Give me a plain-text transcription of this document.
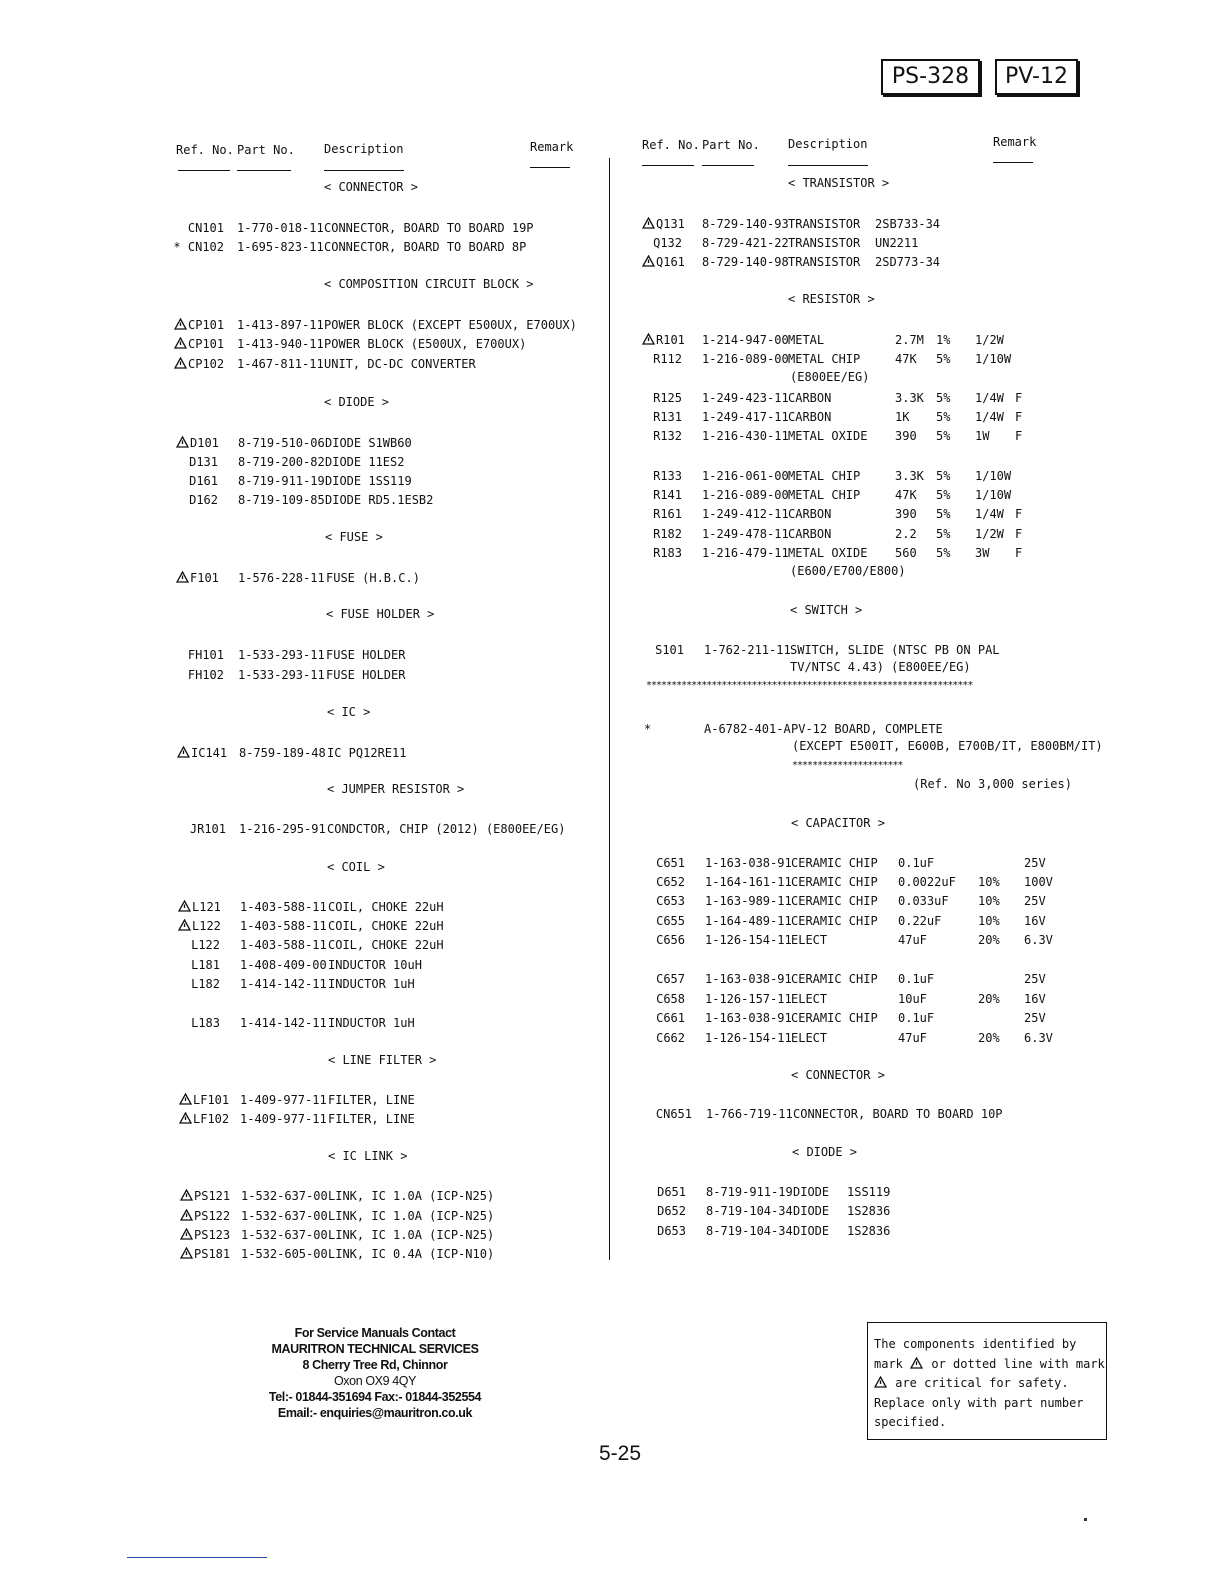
PS-328	PV-12
Ref. No. Part No. Description	Remark	Ref. No. Part No. Description	Remark
< CONNECTOR >
CN101 1-770-018-11 CONNECTOR, BOARD TO BOARD 19P
* CN102 1-695-823-11 CONNECTOR, BOARD TO BOARD 8P
< COMPOSITION CIRCUIT BLOCK >
CP101 1-413-897-11 POWER BLOCK (EXCEPT E500UX, E700UX)
CP101 1-413-940-11 POWER BLOCK (E500UX, E700UX)
CP102 1-467-811-11 UNIT, DC-DC CONVERTER
< DIODE >
D101 8-719-510-06 DIODE S1WB60
D131 8-719-200-82 DIODE 11ES2
D161 8-719-911-19 DIODE 1SS119
D162 8-719-109-85 DIODE RD5.1ESB2
< FUSE >
F101 1-576-228-11 FUSE (H.B.C.)
< FUSE HOLDER >
FH101 1-533-293-11 FUSE HOLDER
FH102 1-533-293-11 FUSE HOLDER
< IC >
IC141 8-759-189-48 IC PQ12RE11
< JUMPER RESISTOR >
JR101 1-216-295-91 CONDCTOR, CHIP (2012) (E800EE/EG)
< COIL >
L121 1-403-588-11 COIL, CHOKE 22uH
L122 1-403-588-11 COIL, CHOKE 22uH
L122 1-403-588-11 COIL, CHOKE 22uH
L181 1-408-409-00 INDUCTOR 10uH
L182 1-414-142-11 INDUCTOR 1uH
L183 1-414-142-11 INDUCTOR 1uH
< LINE FILTER >
LF101 1-409-977-11 FILTER, LINE
LF102 1-409-977-11 FILTER, LINE
< IC LINK >
PS121 1-532-637-00 LINK, IC 1.0A (ICP-N25)
PS122 1-532-637-00 LINK, IC 1.0A (ICP-N25)
PS123 1-532-637-00 LINK, IC 1.0A (ICP-N25)
PS181 1-532-605-00 LINK, IC 0.4A (ICP-N10)
< TRANSISTOR >
Q131 8-729-140-93 TRANSISTOR 2SB733-34
Q132 8-729-421-22 TRANSISTOR UN2211
Q161 8-729-140-98 TRANSISTOR 2SD773-34
< RESISTOR >
R101 1-214-947-00 METAL	2.7M 1% 1/2W
R112 1-216-089-00 METAL CHIP	47K 5% 1/10W
(E800EE/EG)
R125 1-249-423-11 CARBON	3.3K 5% 1/4W F
R131 1-249-417-11 CARBON	1K 5% 1/4W F
R132 1-216-430-11 METAL OXIDE 390 5% 1W F
R133 1-216-061-00 METAL CHIP	3.3K 5% 1/10W
R141 1-216-089-00 METAL CHIP	47K 5% 1/10W
R161 1-249-412-11 CARBON	390 5% 1/4W F
R182 1-249-478-11 CARBON	2.2 5% 1/2W F
R183 1-216-479-11 METAL OXIDE 560 5% 3W F
(E600/E700/E800)
< SWITCH >
S101 1-762-211-11 SWITCH, SLIDE (NTSC PB ON PAL
TV/NTSC 4.43) (E800EE/EG)
*****************************************************************
*	A-6782-401-A PV-12 BOARD, COMPLETE
(EXCEPT E500IT, E600B, E700B/IT, E800BM/IT)
**********************
(Ref. No 3,000 series)
< CAPACITOR >
C651 1-163-038-91 CERAMIC CHIP 0.1uF	25V
C652 1-164-161-11 CERAMIC CHIP 0.0022uF 10% 100V
C653 1-163-989-11 CERAMIC CHIP 0.033uF 10% 25V
C655 1-164-489-11 CERAMIC CHIP 0.22uF	10% 16V
C656 1-126-154-11 ELECT	47uF	20% 6.3V
C657 1-163-038-91 CERAMIC CHIP 0.1uF	25V
C658 1-126-157-11 ELECT	10uF	20% 16V
C661 1-163-038-91 CERAMIC CHIP 0.1uF	25V
C662 1-126-154-11 ELECT	47uF	20% 6.3V
< CONNECTOR >
CN651 1-766-719-11 CONNECTOR, BOARD TO BOARD 10P
< DIODE >
D651 8-719-911-19 DIODE 1SS119
D652 8-719-104-34 DIODE 1S2836
D653 8-719-104-34 DIODE 1S2836
For Service Manuals Contact
MAURITRON TECHNICAL SERVICES
8 Cherry Tree Rd, Chinnor
Oxon OX9 4QY
Tel:- 01844-351694 Fax:- 01844-352554
Email:- enquiries@mauritron.co.uk
The components identified by
mark or dotted line with mark
are critical for safety.
Replace only with part number
specified.
5-25
